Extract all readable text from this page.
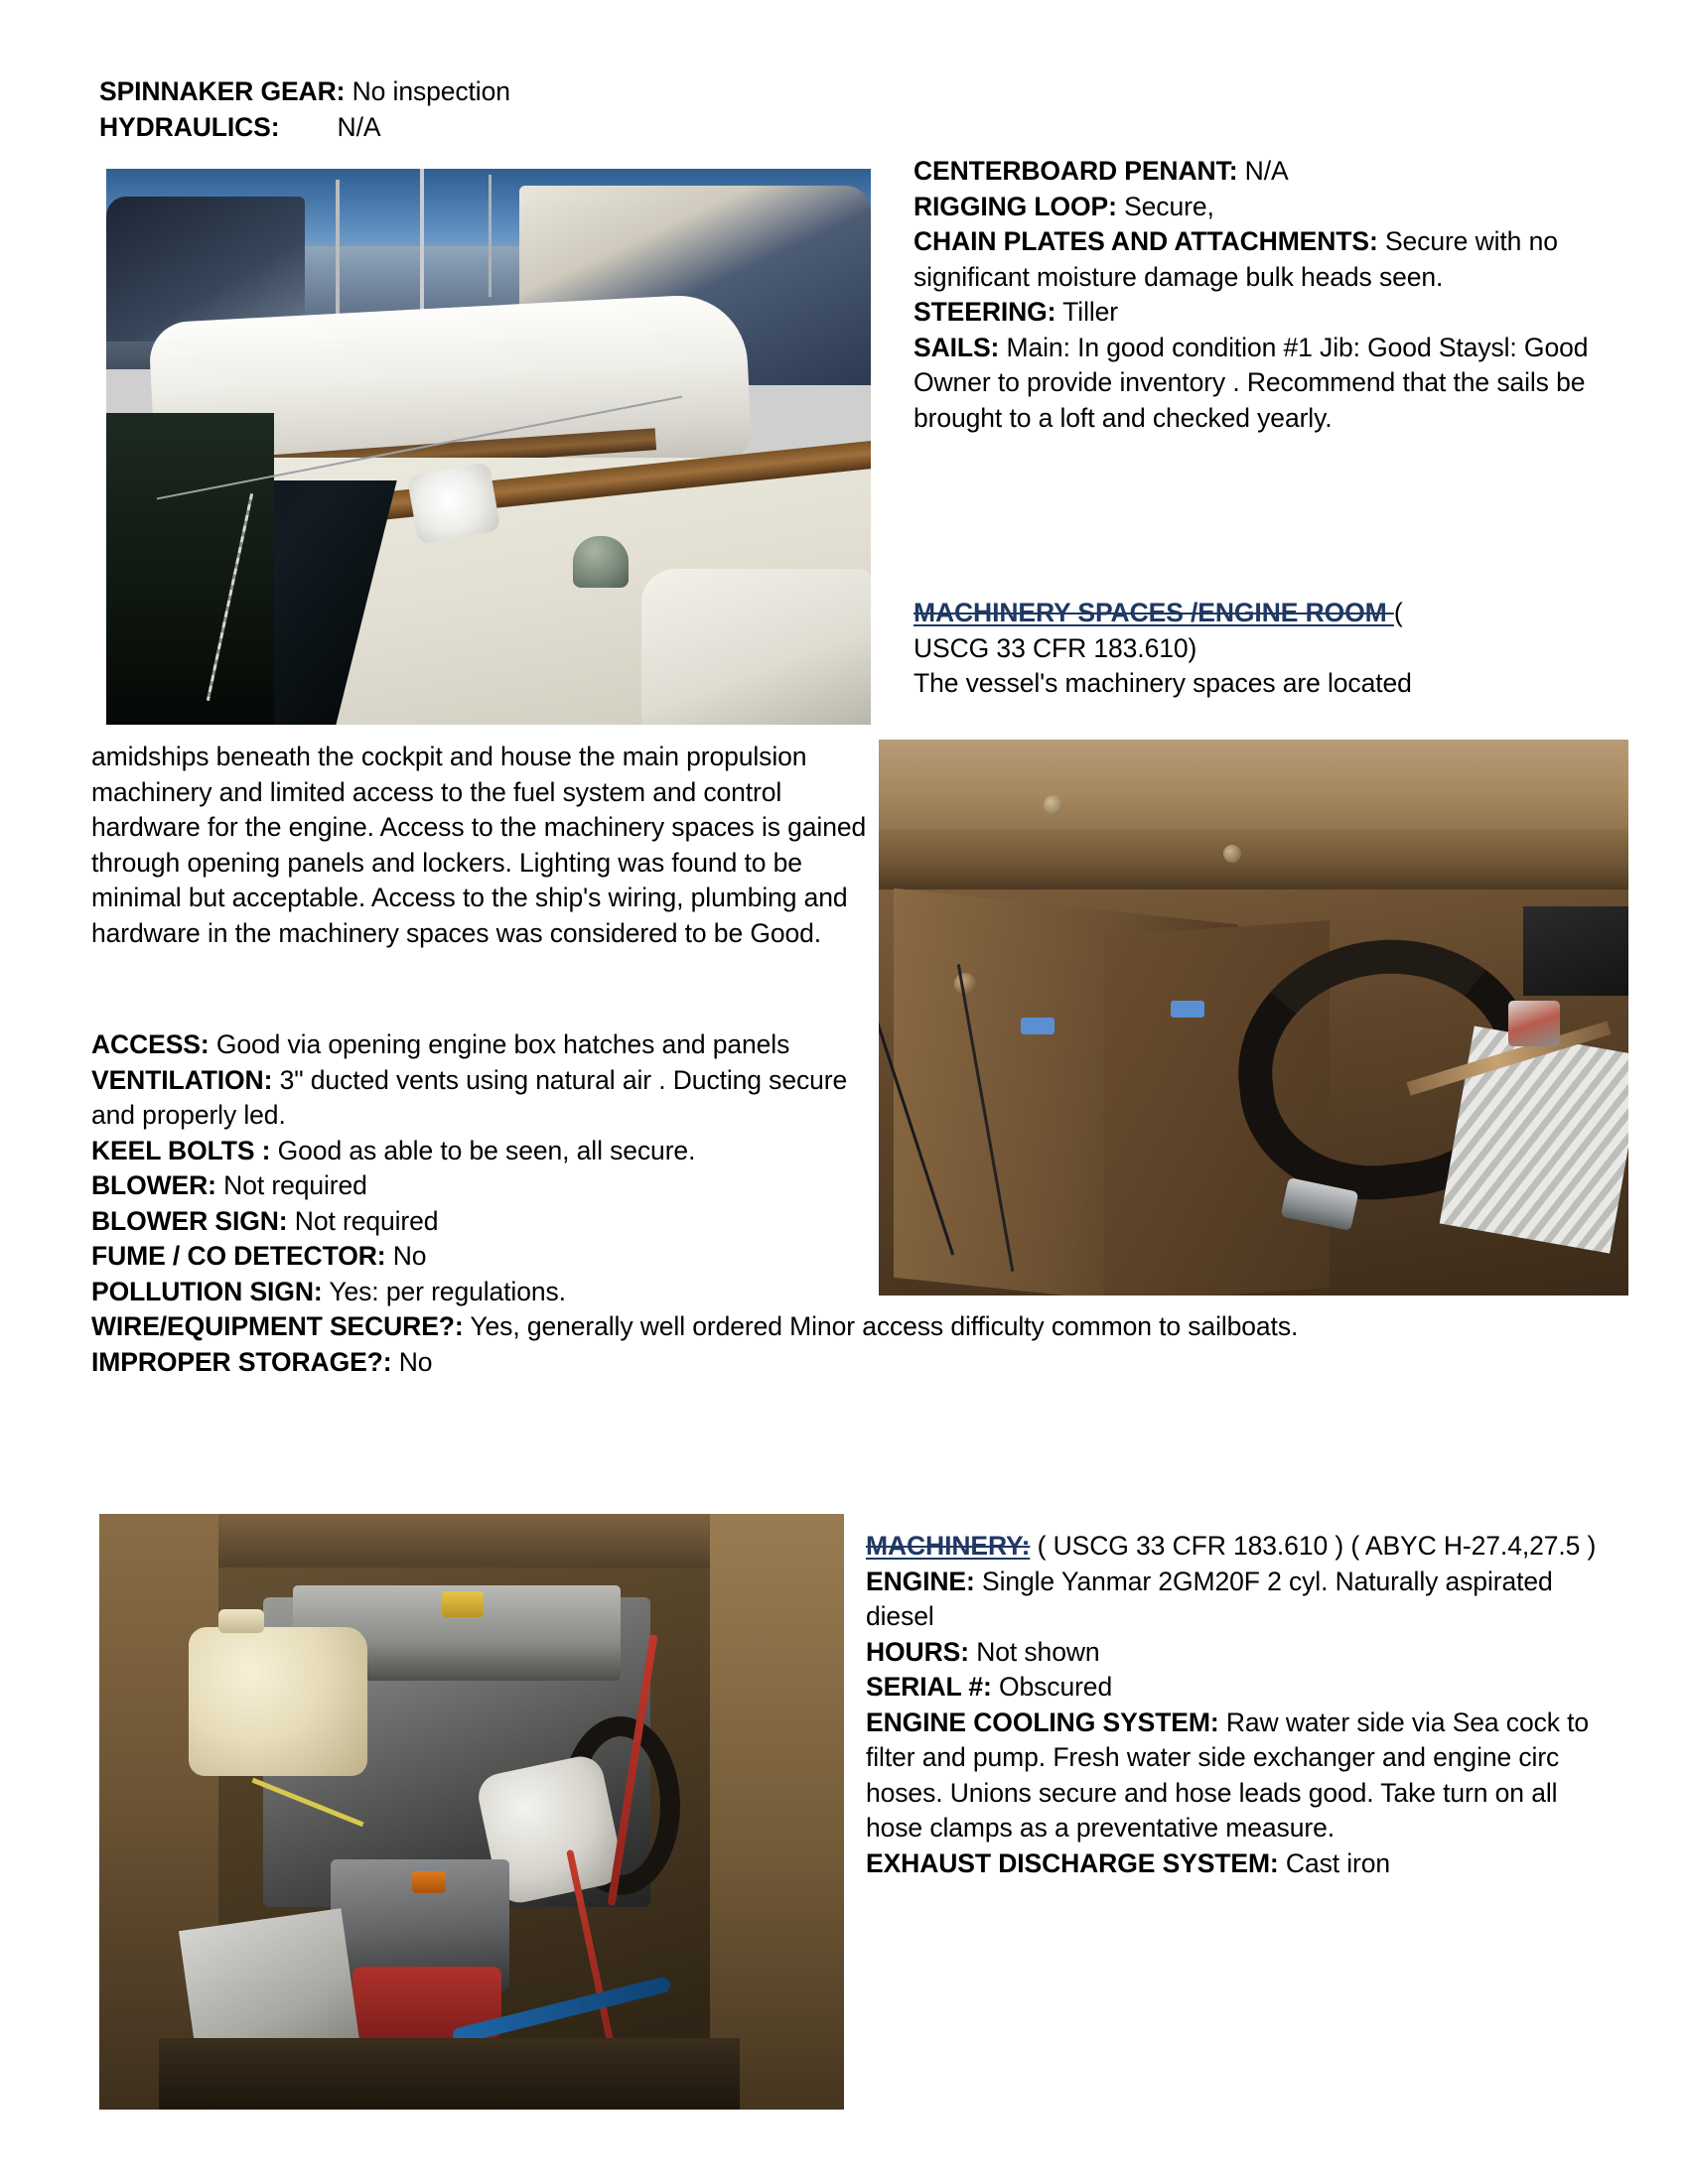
SPINNAKER GEAR: No inspection
HYDRAULICS:        N/A
CENTERBOARD PENANT: N/A
RIGGING LOOP: Secure,
CHAIN PLATES AND ATTACHMENTS: Secure with no significant moisture damage bulk heads seen.
STEERING: Tiller
SAILS: Main: In good condition #1 Jib: Good Staysl: Good Owner to provide inventory . Recommend that the sails be brought to a loft and checked yearly.
MACHINERY SPACES /ENGINE ROOM (
USCG 33 CFR 183.610)
The vessel's machinery spaces are located
amidships beneath the cockpit and house the main propulsion machinery and limited access to the fuel system and control hardware for the engine. Access to the machinery spaces is gained through opening panels and lockers. Lighting was found to be minimal but acceptable. Access to the ship's wiring, plumbing and hardware in the machinery spaces was considered to be Good.
ACCESS: Good via opening engine box hatches and panels
VENTILATION: 3" ducted vents using natural air . Ducting secure and properly led.
KEEL BOLTS : Good as able to be seen, all secure.
BLOWER: Not required
BLOWER SIGN: Not required
FUME / CO DETECTOR: No
POLLUTION SIGN: Yes: per regulations.
WIRE/EQUIPMENT SECURE?: Yes, generally well ordered Minor access difficulty common to sailboats.
IMPROPER STORAGE?: No
MACHINERY: ( USCG 33 CFR 183.610 ) ( ABYC H-27.4,27.5 )
ENGINE: Single Yanmar 2GM20F 2 cyl. Naturally aspirated diesel
HOURS: Not shown
SERIAL #: Obscured
ENGINE COOLING SYSTEM: Raw water side via Sea cock to filter and pump. Fresh water side exchanger and engine circ hoses. Unions secure and hose leads good. Take turn on all hose clamps as a preventative measure.
EXHAUST DISCHARGE SYSTEM: Cast iron
